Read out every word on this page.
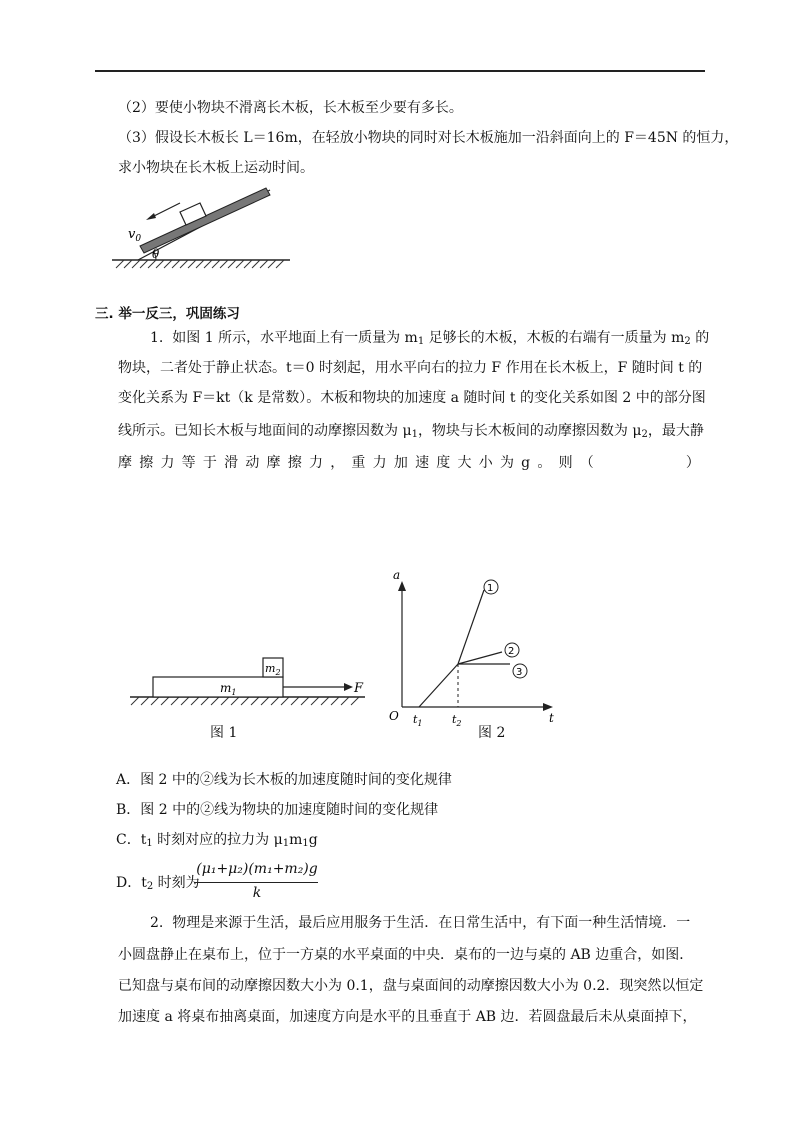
（2）要使小物块不滑离长木板，长木板至少要有多长。
（3）假设长木板长 L＝16m，在轻放小物块的同时对长木板施加一沿斜面向上的 F＝45N 的恒力，
求小物块在长木板上运动时间。
$v_0$
θ
三. 举一反三，巩固练习
1. 如图 1 所示，水平地面上有一质量为 $m_1$ 足够长的木板，木板的右端有一质量为 $m_2$ 的
物块，二者处于静止状态。t＝0 时刻起，用水平向右的拉力 F 作用在长木板上，F 随时间 t 的
变化关系为 F＝kt（k 是常数）。木板和物块的加速度 a 随时间 t 的变化关系如图 2 中的部分图
线所示。已知长木板与地面间的动摩擦因数为 $\mu_1$，物块与长木板间的动摩擦因数为 $\mu_2$，最大静
摩 擦 力 等 于 滑 动 摩 擦 力 ， 重 力 加 速 度 大 小 为 g 。 则 （

　	）
$m_1$
$m_2$
F
图 1
a
t
O $t_1$	$t_2$
1
2
3
图 2
A．图 2 中的②线为长木板的加速度随时间的变化规律
B．图 2 中的②线为物块的加速度随时间的变化规律
C．$t_1$ 时刻对应的拉力为 $\mu_1m_1g$
D．$t_2$ 时刻为
(μ₁+μ₂)(m₁+m₂)g
k
2. 物理是来源于生活，最后应用服务于生活．在日常生活中，有下面一种生活情境．一
小圆盘静止在桌布上，位于一方桌的水平桌面的中央．桌布的一边与桌的 AB 边重合，如图．
已知盘与桌布间的动摩擦因数大小为 0.1，盘与桌面间的动摩擦因数大小为 0.2．现突然以恒定
加速度 a 将桌布抽离桌面，加速度方向是水平的且垂直于 AB 边．若圆盘最后未从桌面掉下，
